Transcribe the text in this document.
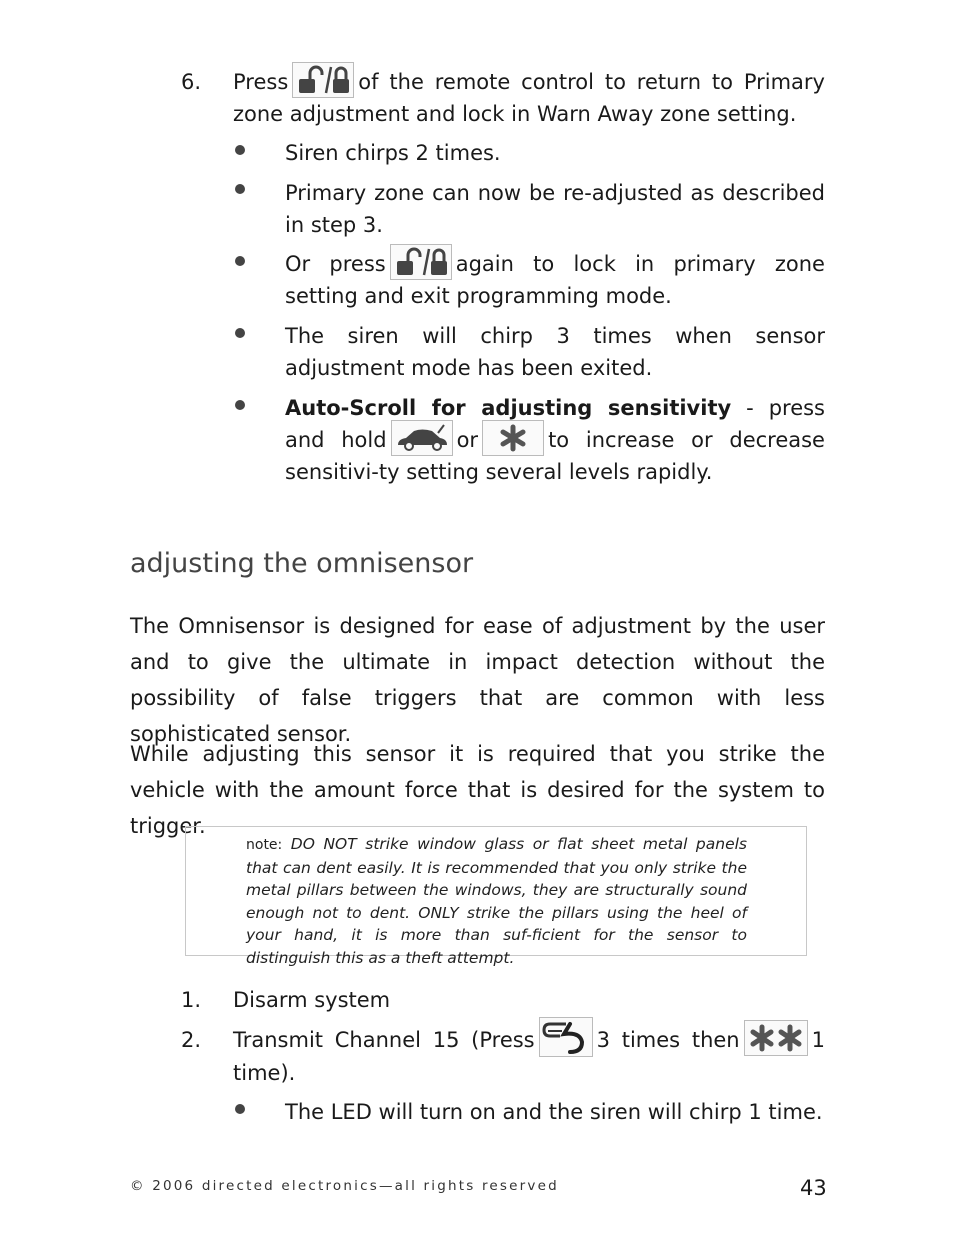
6. Press	of the remote control to return to Primary zone adjustment and lock in Warn Away zone setting.
Siren chirps 2 times.
Primary zone can now be re-adjusted as described in step 3.
Or press	again to lock in primary zone setting and exit programming mode.
The siren will chirp 3 times when sensor adjustment mode has been exited.
Auto-Scroll for adjusting sensitivity - press and hold	or	to increase or decrease sensitivi-ty setting several levels rapidly.
adjusting the omnisensor
The Omnisensor is designed for ease of adjustment by the user and to give the ultimate in impact detection without the possibility of false triggers that are common with less sophisticated sensor.
While adjusting this sensor it is required that you strike the vehicle with the amount force that is desired for the system to trigger.
note: DO NOT strike window glass or flat sheet metal panels that can dent easily. It is recommended that you only strike the metal pillars between the windows, they are structurally sound enough not to dent. ONLY strike the pillars using the heel of your hand, it is more than suf-ficient for the sensor to distinguish this as a theft attempt.
1. Disarm system
2. Transmit Channel 15 (Press	3 times then	1 time).
The LED will turn on and the siren will chirp 1 time.
© 2006 directed electronics—all rights reserved	43
